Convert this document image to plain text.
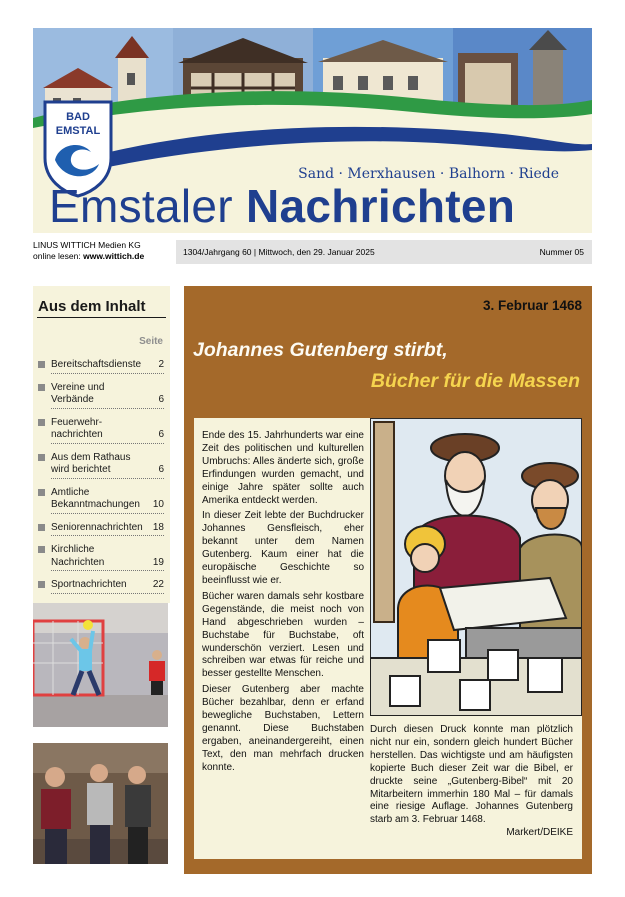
BAD
EMSTAL
Sand · Merxhausen · Balhorn · Riede
Emstaler Nachrichten
LINUS WITTICH Medien KG
online lesen: www.wittich.de	1304/Jahrgang 60 | Mittwoch, den 29. Januar 2025	Nummer 05
Aus dem Inhalt
Seite
Bereitschaftsdienste	2
Vereine und
Verbände	6
Feuerwehr-
nachrichten	6
Aus dem Rathaus
wird berichtet	6
Amtliche
Bekanntmachungen	10
Seniorennachrichten	18
Kirchliche
Nachrichten	19
Sportnachrichten	22
3. Februar 1468
Johannes Gutenberg stirbt,
Bücher für die Massen
Ende des 15. Jahrhunderts war eine Zeit des politischen und kulturellen Umbruchs: Alles änderte sich, große Erfindungen wurden gemacht, und einige Jahre später sollte auch Amerika entdeckt werden.
In dieser Zeit lebte der Buchdrucker Johannes Gensfleisch, eher bekannt unter dem Namen Gutenberg. Kaum einer hat die europäische Geschichte so beeinflusst wie er.
Bücher waren damals sehr kostbare Gegenstände, die meist noch von Hand abgeschrieben wurden – Buchstabe für Buchstabe, oft wunderschön verziert. Lesen und schreiben war etwas für reiche und besser gestellte Menschen.
Dieser Gutenberg aber machte Bücher bezahlbar, denn er erfand bewegliche Buchstaben, Lettern genannt. Diese Buchstaben ergaben, aneinandergereiht, einen Text, den man mehrfach drucken konnte.
Durch diesen Druck konnte man plötzlich nicht nur ein, sondern gleich hundert Bücher herstellen. Das wichtigste und am häufigsten kopierte Buch dieser Zeit war die Bibel, er druckte seine „Gutenberg-Bibel“ mit 20 Mitarbeitern immerhin 180 Mal – für damals eine riesige Auflage. Johannes Gutenberg starb am 3. Februar 1468.
Markert/DEIKE
